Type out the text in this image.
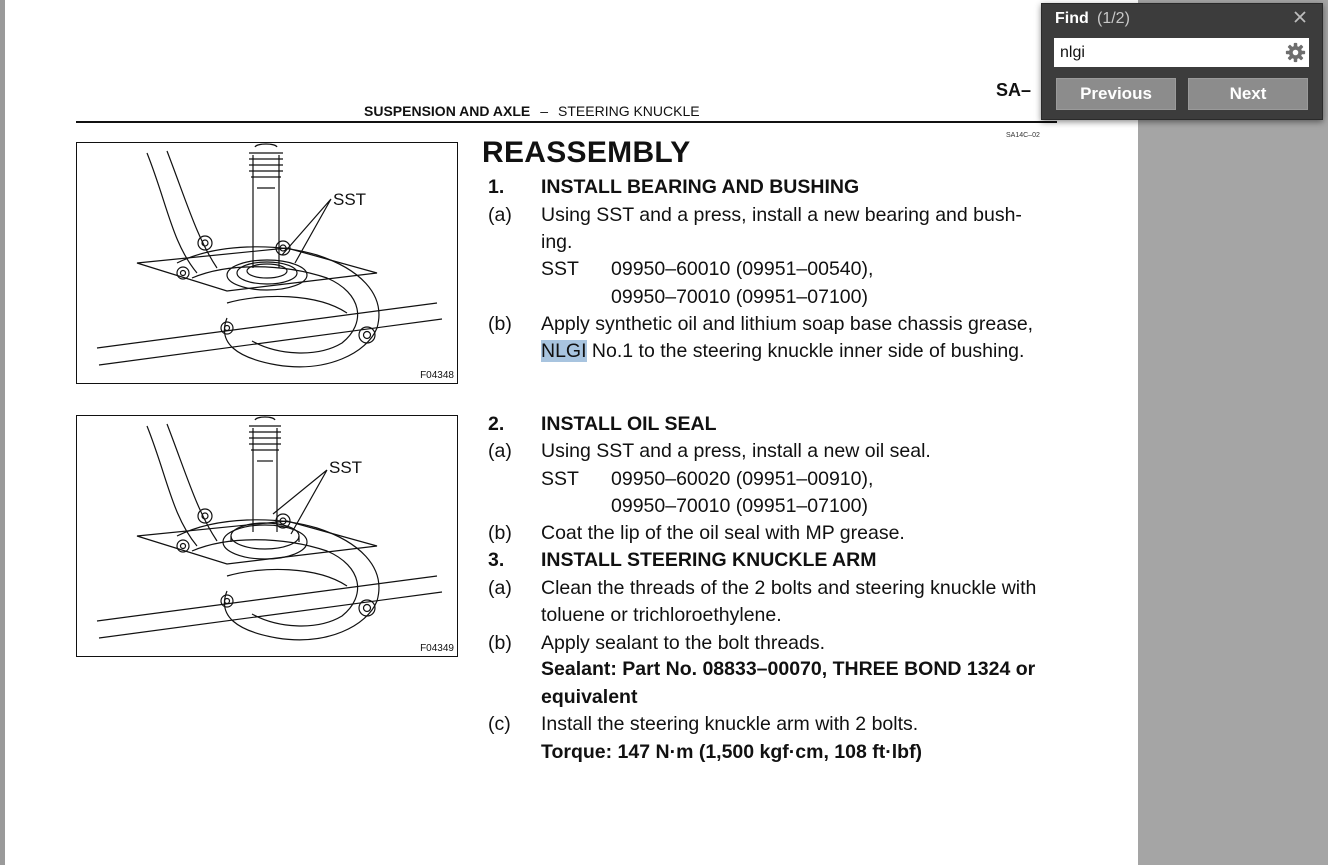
SA–
SUSPENSION AND AXLE – STEERING KNUCKLE
SST
F04348
SST
F04349
SA14C–02
REASSEMBLY
1. INSTALL BEARING AND BUSHING
(a) Using SST and a press, install a new bearing and bush-
ing.
SST 09950–60010 (09951–00540),
09950–70010 (09951–07100)
(b) Apply synthetic oil and lithium soap base chassis grease,
NLGI No.1 to the steering knuckle inner side of bushing.
2. INSTALL OIL SEAL
(a) Using SST and a press, install a new oil seal.
SST 09950–60020 (09951–00910),
09950–70010 (09951–07100)
(b) Coat the lip of the oil seal with MP grease.
3. INSTALL STEERING KNUCKLE ARM
(a) Clean the threads of the 2 bolts and steering knuckle with
toluene or trichloroethylene.
(b) Apply sealant to the bolt threads.
Sealant: Part No. 08833–00070, THREE BOND 1324 or
equivalent
(c) Install the steering knuckle arm with 2 bolts.
Torque: 147 N·m (1,500 kgf·cm, 108 ft·lbf)
Find (1/2)
nlgi
Previous	Next
